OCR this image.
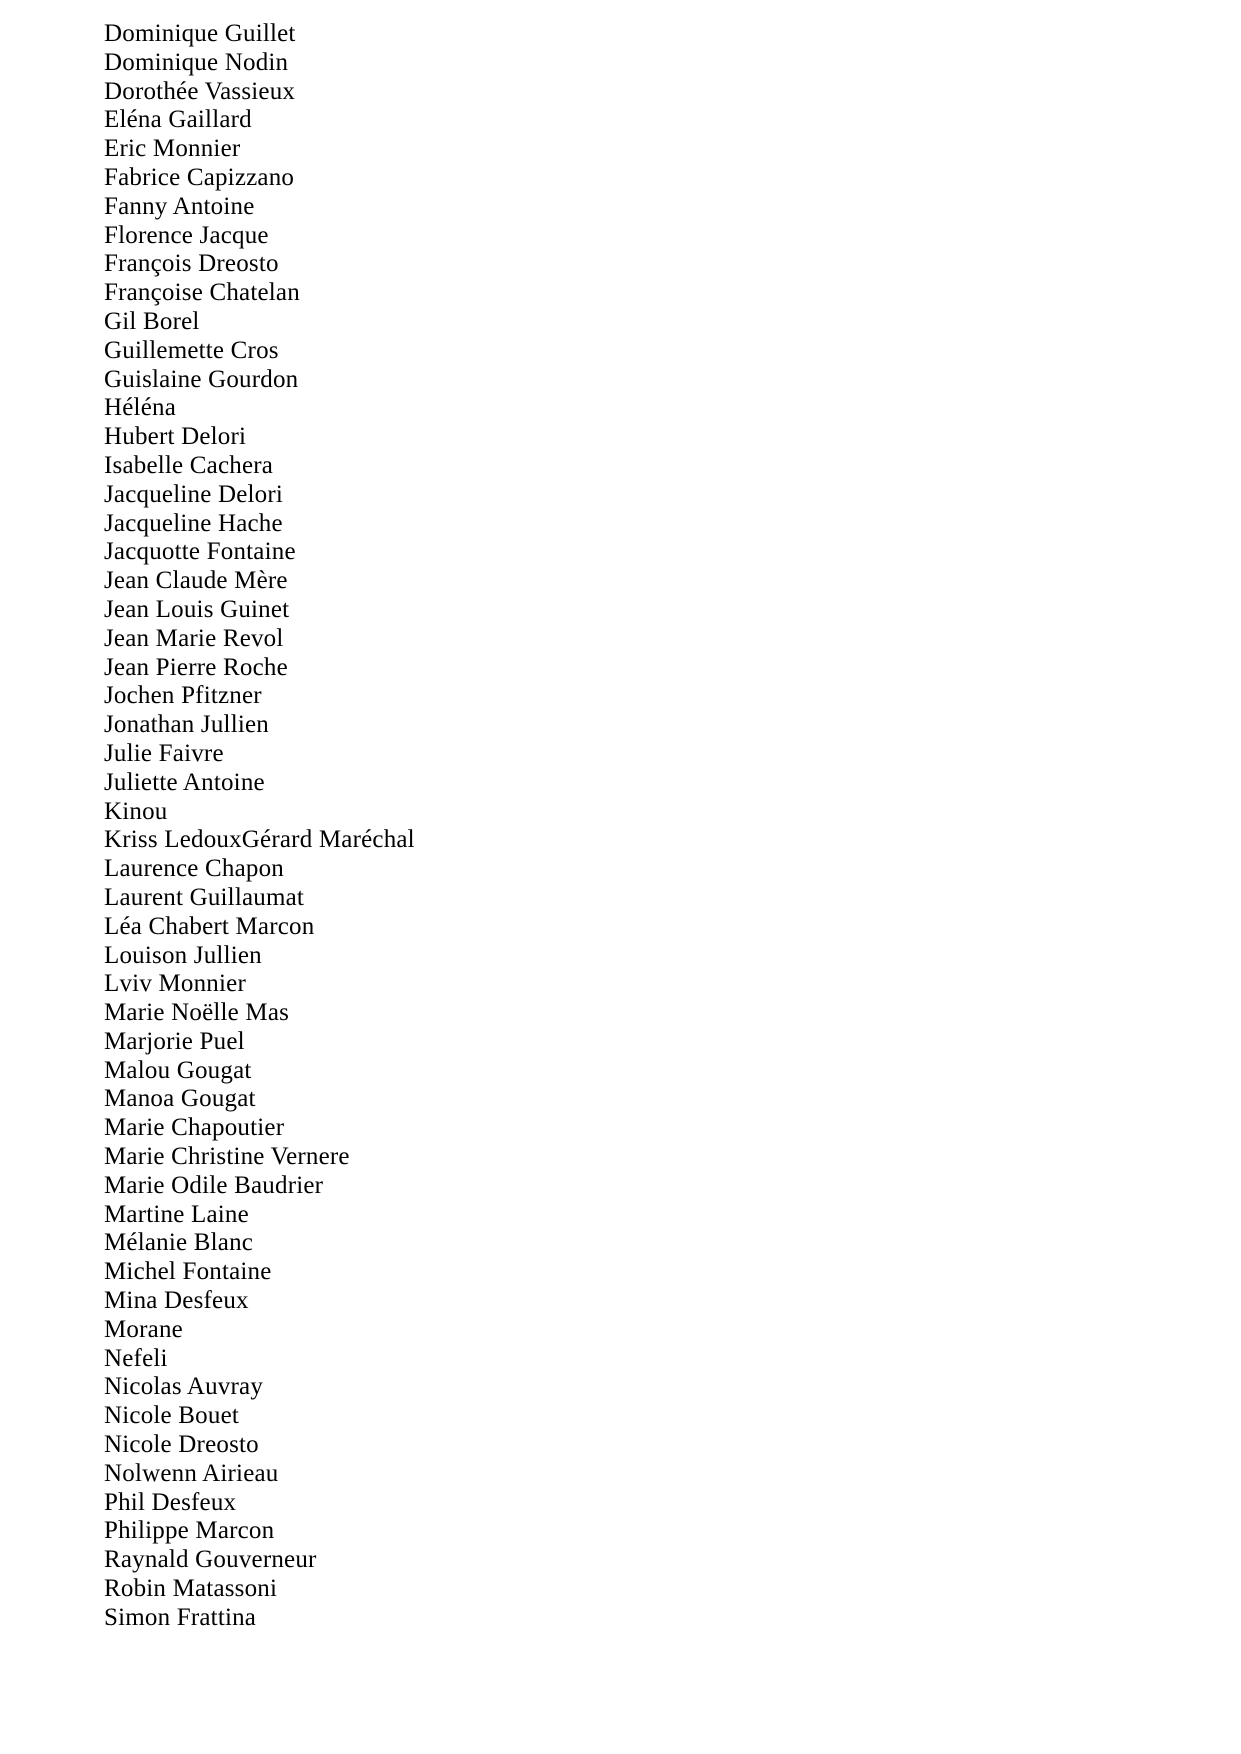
Dominique Guillet
Dominique Nodin
Dorothée Vassieux
Eléna Gaillard
Eric Monnier
Fabrice Capizzano
Fanny Antoine
Florence Jacque
François Dreosto
Françoise Chatelan
Gil Borel
Guillemette Cros
Guislaine Gourdon
Héléna
Hubert Delori
Isabelle Cachera
Jacqueline Delori
Jacqueline Hache
Jacquotte Fontaine
Jean Claude Mère
Jean Louis Guinet
Jean Marie Revol
Jean Pierre Roche
Jochen Pfitzner
Jonathan Jullien
Julie Faivre
Juliette Antoine
Kinou
Kriss LedouxGérard Maréchal
Laurence Chapon
Laurent Guillaumat
Léa Chabert Marcon
Louison Jullien
Lviv Monnier
Marie Noëlle Mas
Marjorie Puel
Malou Gougat
Manoa Gougat
Marie Chapoutier
Marie Christine Vernere
Marie Odile Baudrier
Martine Laine
Mélanie Blanc
Michel Fontaine
Mina Desfeux
Morane
Nefeli
Nicolas Auvray
Nicole Bouet
Nicole Dreosto
Nolwenn Airieau
Phil Desfeux
Philippe Marcon
Raynald Gouverneur
Robin Matassoni
Simon Frattina
